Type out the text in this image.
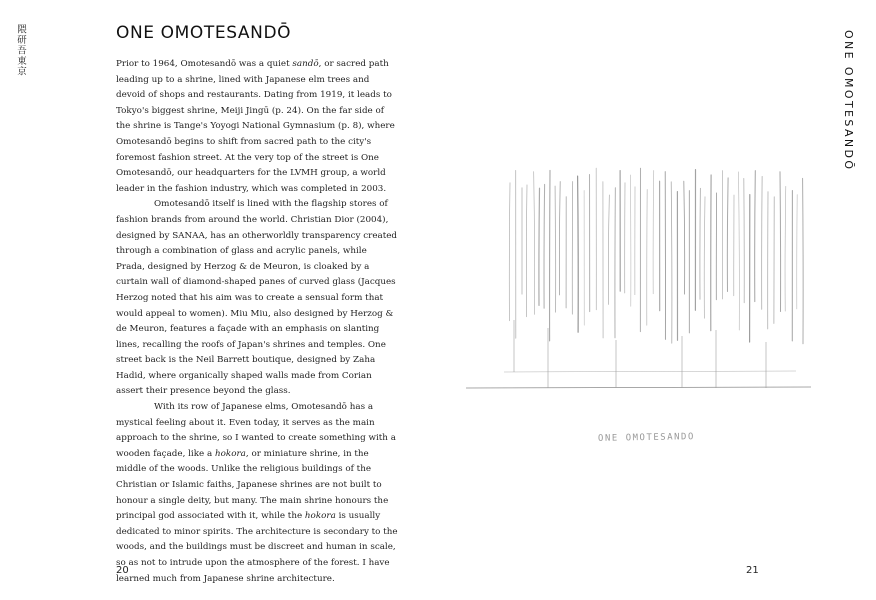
隈研吾東京	ONE OMOTESANDŌ

Prior to 1964, Omotesandō was a quiet sandō, or sacred path leading up to a shrine, lined with Japanese elm trees and devoid of shops and restaurants. Dating from 1919, it leads to Tokyo's biggest shrine, Meiji Jingū (p. 24). On the far side of the shrine is Tange's Yoyogi National Gymnasium (p. 8), where Omotesandō begins to shift from sacred path to the city's foremost fashion street. At the very top of the street is One Omotesandō, our headquarters for the LVMH group, a world leader in the fashion industry, which was completed in 2003.

Omotesandō itself is lined with the flagship stores of fashion brands from around the world. Christian Dior (2004), designed by SANAA, has an otherworldly transparency created through a combination of glass and acrylic panels, while Prada, designed by Herzog & de Meuron, is cloaked by a curtain wall of diamond-shaped panes of curved glass (Jacques Herzog noted that his aim was to create a sensual form that would appeal to women). Miu Miu, also designed by Herzog & de Meuron, features a façade with an emphasis on slanting lines, recalling the roofs of Japan's shrines and temples. One street back is the Neil Barrett boutique, designed by Zaha Hadid, where organically shaped walls made from Corian assert their presence beyond the glass.

With its row of Japanese elms, Omotesandō has a mystical feeling about it. Even today, it serves as the main approach to the shrine, so I wanted to create something with a wooden façade, like a hokora, or miniature shrine, in the middle of the woods. Unlike the religious buildings of the Christian or Islamic faiths, Japanese shrines are not built to honour a single deity, but many. The main shrine honours the principal god associated with it, while the hokora is usually dedicated to minor spirits. The architecture is secondary to the woods, and the buildings must be discreet and human in scale, so as not to intrude upon the atmosphere of the forest. I have learned much from Japanese shrine architecture.

20
ONE OMOTESANDŌ
ONE OMOTESANDO
21
